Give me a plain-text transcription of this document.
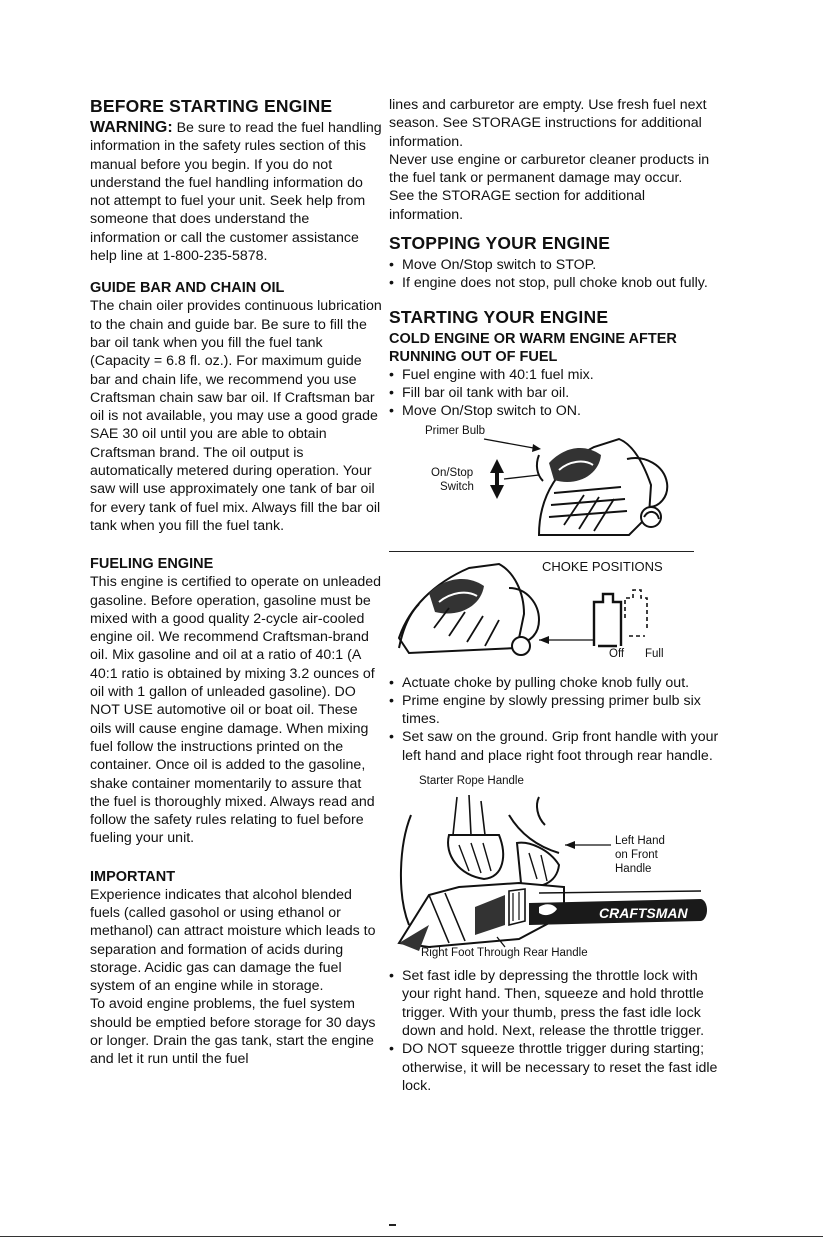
BEFORE STARTING ENGINE

WARNING: Be sure to read the fuel handling information in the safety rules section of this manual before you begin. If you do not understand the fuel handling information do not attempt to fuel your unit. Seek help from someone that does understand the information or call the customer assistance help line at 1-800-235-5878.

GUIDE BAR AND CHAIN OIL

The chain oiler provides continuous lubrication to the chain and guide bar. Be sure to fill the bar oil tank when you fill the fuel tank (Capacity = 6.8 fl. oz.). For maximum guide bar and chain life, we recommend you use Craftsman chain saw bar oil. If Craftsman bar oil is not available, you may use a good grade SAE 30 oil until you are able to obtain Craftsman brand. The oil output is automatically metered during operation. Your saw will use approximately one tank of bar oil for every tank of fuel mix. Always fill the bar oil tank when you fill the fuel tank.

FUELING ENGINE

This engine is certified to operate on unleaded gasoline. Before operation, gasoline must be mixed with a good quality 2-cycle air-cooled engine oil. We recommend Craftsman-brand oil. Mix gasoline and oil at a ratio of 40:1 (A 40:1 ratio is obtained by mixing 3.2 ounces of oil with 1 gallon of unleaded gasoline). DO NOT USE automotive oil or boat oil. These oils will cause engine damage. When mixing fuel follow the instructions printed on the container. Once oil is added to the gasoline, shake container momentarily to assure that the fuel is thoroughly mixed. Always read and follow the safety rules relating to fuel before fueling your unit.

IMPORTANT

Experience indicates that alcohol blended fuels (called gasohol or using ethanol or methanol) can attract moisture which leads to separation and formation of acids during storage. Acidic gas can damage the fuel system of an engine while in storage.

To avoid engine problems, the fuel system should be emptied before storage for 30 days or longer. Drain the gas tank, start the engine and let it run until the fuel

lines and carburetor are empty. Use fresh fuel next season. See STORAGE instructions for additional information.

Never use engine or carburetor cleaner products in the fuel tank or permanent damage may occur.

See the STORAGE section for additional information.

STOPPING YOUR ENGINE
• Move On/Stop switch to STOP.
• If engine does not stop, pull choke knob out fully.
STARTING YOUR ENGINE
COLD ENGINE OR WARM ENGINE AFTER RUNNING OUT OF FUEL
• Fuel engine with 40:1 fuel mix.
• Fill bar oil tank with bar oil.
• Move On/Stop switch to ON.
Primer Bulb
On/Stop
Switch
CHOKE POSITIONS
Off Full
• Actuate choke by pulling choke knob fully out.
• Prime engine by slowly pressing primer bulb six times.
• Set saw on the ground. Grip front handle with your left hand and place right foot through rear handle.
Starter Rope Handle
Left Hand
on Front
Handle
Right Foot Through Rear Handle
CRAFTSMAN
• Set fast idle by depressing the throttle lock with your right hand. Then, squeeze and hold throttle trigger. With your thumb, press the fast idle lock down and hold. Next, release the throttle trigger.
• DO NOT squeeze throttle trigger during starting; otherwise, it will be necessary to reset the fast idle lock.
